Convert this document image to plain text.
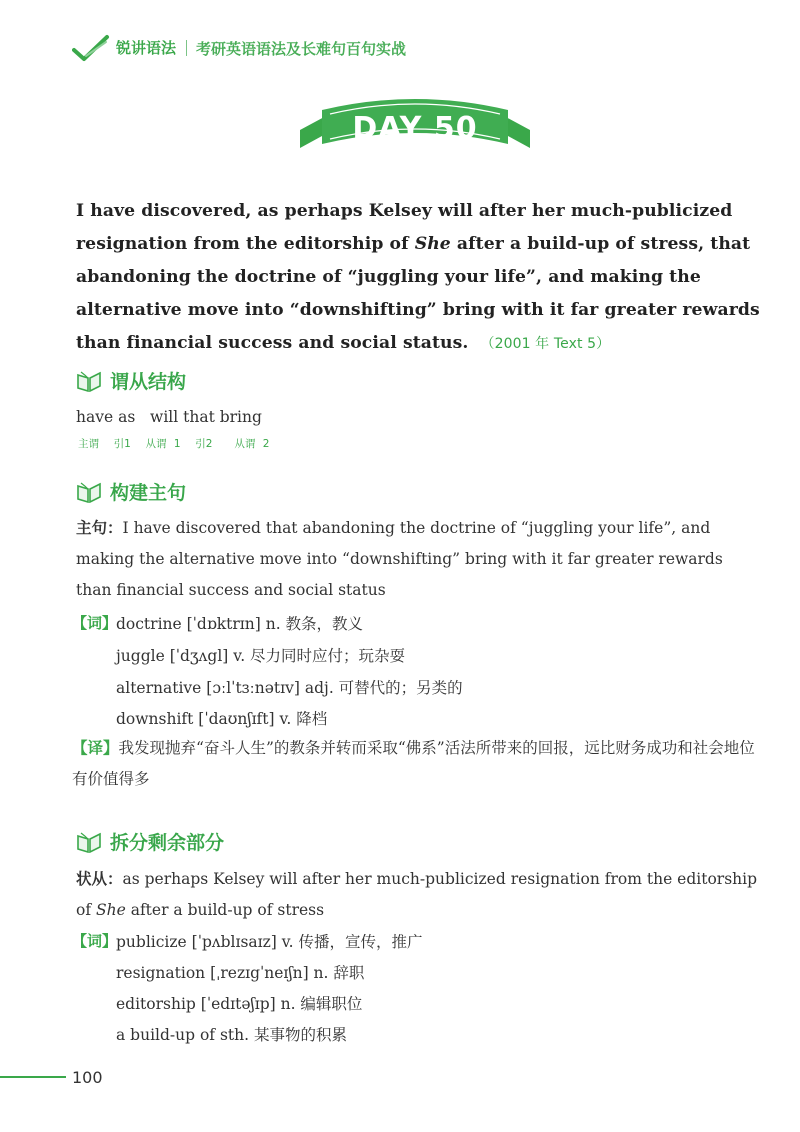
锐讲语法 考研英语语法及长难句百句实战
DAY 50
I have discovered, as perhaps Kelsey will after her much-publicized resignation from the editorship of She after a build-up of stress, that abandoning the doctrine of “juggling your life”, and making the alternative move into “downshifting” bring with it far greater rewards than financial success and social status. （2001 年 Text 5）
谓从结构
have as   will that bring
主谓  引1  从谓 1  引2   从谓 2
构建主句
主句：I have discovered that abandoning the doctrine of “juggling your life”, and making the alternative move into “downshifting” bring with it far greater rewards than financial success and social status
【词】
doctrine [ˈdɒktrɪn] n. 教条，教义
juggle [ˈdʒʌgl] v. 尽力同时应付；玩杂耍
alternative [ɔːlˈtɜːnətɪv] adj. 可替代的；另类的
downshift [ˈdaʊnʃɪft] v. 降档
【译】我发现抛弃“奋斗人生”的教条并转而采取“佛系”活法所带来的回报，远比财务成功和社会地位有价值得多
拆分剩余部分
状从：as perhaps Kelsey will after her much-publicized resignation from the editorship of She after a build-up of stress
【词】
publicize [ˈpʌblɪsaɪz] v. 传播，宣传，推广
resignation [ˌrezɪgˈneɪʃn] n. 辞职
editorship [ˈedɪtəʃɪp] n. 编辑职位
a build-up of sth. 某事物的积累
100
